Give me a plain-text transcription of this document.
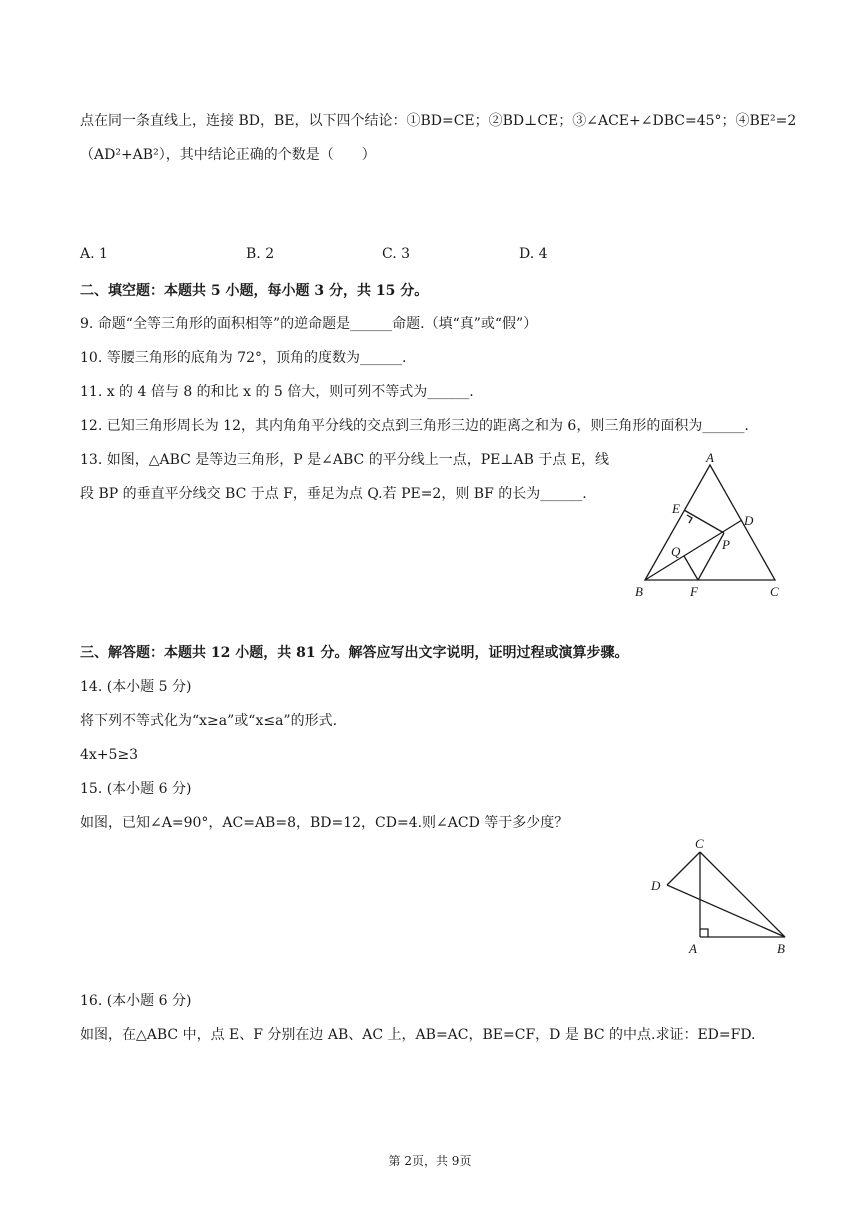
点在同一条直线上，连接 BD，BE，以下四个结论：①BD=CE；②BD⊥CE；③∠ACE+∠DBC=45°；④BE²=2
（AD²+AB²），其中结论正确的个数是（　　）
A. 1	B. 2	C. 3	D. 4
二、填空题：本题共 5 小题，每小题 3 分，共 15 分。
9. 命题“全等三角形的面积相等”的逆命题是______命题.（填“真”或“假”）
10. 等腰三角形的底角为 72°，顶角的度数为______.
11. x 的 4 倍与 8 的和比 x 的 5 倍大，则可列不等式为______.
12. 已知三角形周长为 12，其内角角平分线的交点到三角形三边的距离之和为 6，则三角形的面积为______.
13. 如图，△ABC 是等边三角形，P 是∠ABC 的平分线上一点，PE⊥AB 于点 E，线
段 BP 的垂直平分线交 BC 于点 F，垂足为点 Q.若 PE=2，则 BF 的长为______.
A
E
D
P
Q
B	F	C
三、解答题：本题共 12 小题，共 81 分。解答应写出文字说明，证明过程或演算步骤。
14. (本小题 5 分)
将下列不等式化为“x≥a”或“x≤a”的形式.
4x+5≥3
15. (本小题 6 分)
如图，已知∠A=90°，AC=AB=8，BD=12，CD=4.则∠ACD 等于多少度？
C
D
A	B
16. (本小题 6 分)
如图，在△ABC 中，点 E、F 分别在边 AB、AC 上，AB=AC，BE=CF，D 是 BC 的中点.求证：ED=FD.
第 2页，共 9页
